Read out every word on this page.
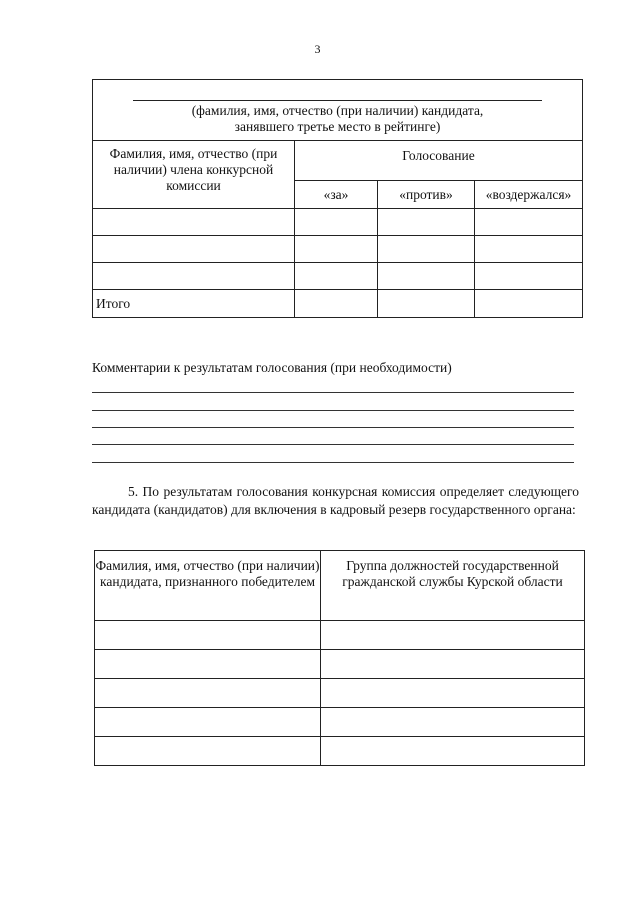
3
(фамилия, имя, отчество (при наличии) кандидата,
занявшего третье место в рейтинге)			

Фамилия, имя, отчество (при наличии) члена конкурсной комиссии	Голосование		
	«за»	«против»	«воздержался»

Итого			
Комментарии к результатам голосования (при необходимости)
5. По результатам голосования конкурсная комиссия определяет следующего кандидата (кандидатов) для включения в кадровый резерв государственного органа:
Фамилия, имя, отчество (при наличии) кандидата, признанного победителем	Группа должностей государственной гражданской службы Курской области
